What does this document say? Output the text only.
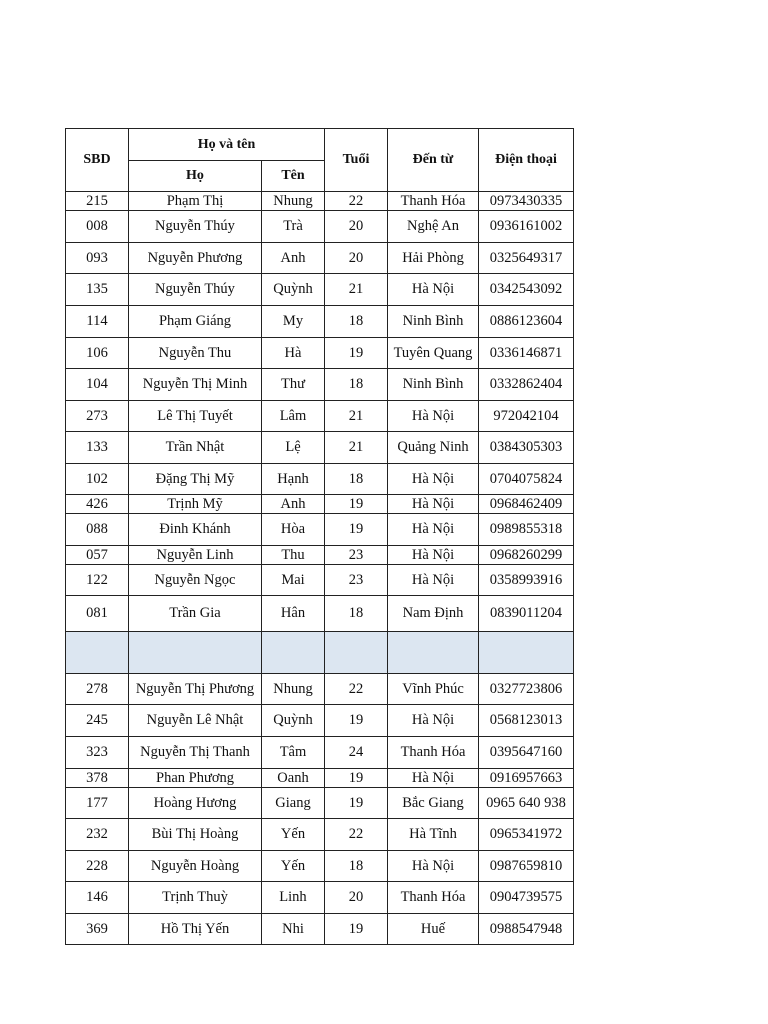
SBD	Họ và tên		Tuổi	Đến từ	Điện thoại
	Họ	Tên			
215	Phạm Thị	Nhung	22	Thanh Hóa	0973430335
008	Nguyễn Thúy	Trà	20	Nghệ An	0936161002
093	Nguyễn Phương	Anh	20	Hải Phòng	0325649317
135	Nguyễn Thúy	Quỳnh	21	Hà Nội	0342543092
114	Phạm Giáng	My	18	Ninh Bình	0886123604
106	Nguyễn Thu	Hà	19	Tuyên Quang	0336146871
104	Nguyễn Thị Minh	Thư	18	Ninh Bình	0332862404
273	Lê Thị Tuyết	Lâm	21	Hà Nội	972042104
133	Trần Nhật	Lệ	21	Quảng Ninh	0384305303
102	Đặng Thị Mỹ	Hạnh	18	Hà Nội	0704075824
426	Trịnh Mỹ	Anh	19	Hà Nội	0968462409
088	Đinh Khánh	Hòa	19	Hà Nội	0989855318
057	Nguyễn Linh	Thu	23	Hà Nội	0968260299
122	Nguyễn Ngọc	Mai	23	Hà Nội	0358993916
081	Trần Gia	Hân	18	Nam Định	0839011204

278	Nguyễn Thị Phương	Nhung	22	Vĩnh Phúc	0327723806
245	Nguyễn Lê Nhật	Quỳnh	19	Hà Nội	0568123013
323	Nguyễn Thị Thanh	Tâm	24	Thanh Hóa	0395647160
378	Phan Phương	Oanh	19	Hà Nội	0916957663
177	Hoàng Hương	Giang	19	Bắc Giang	0965 640 938
232	Bùi Thị Hoàng	Yến	22	Hà Tĩnh	0965341972
228	Nguyễn Hoàng	Yến	18	Hà Nội	0987659810
146	Trịnh Thuỳ	Linh	20	Thanh Hóa	0904739575
369	Hồ Thị Yến	Nhi	19	Huế	0988547948
